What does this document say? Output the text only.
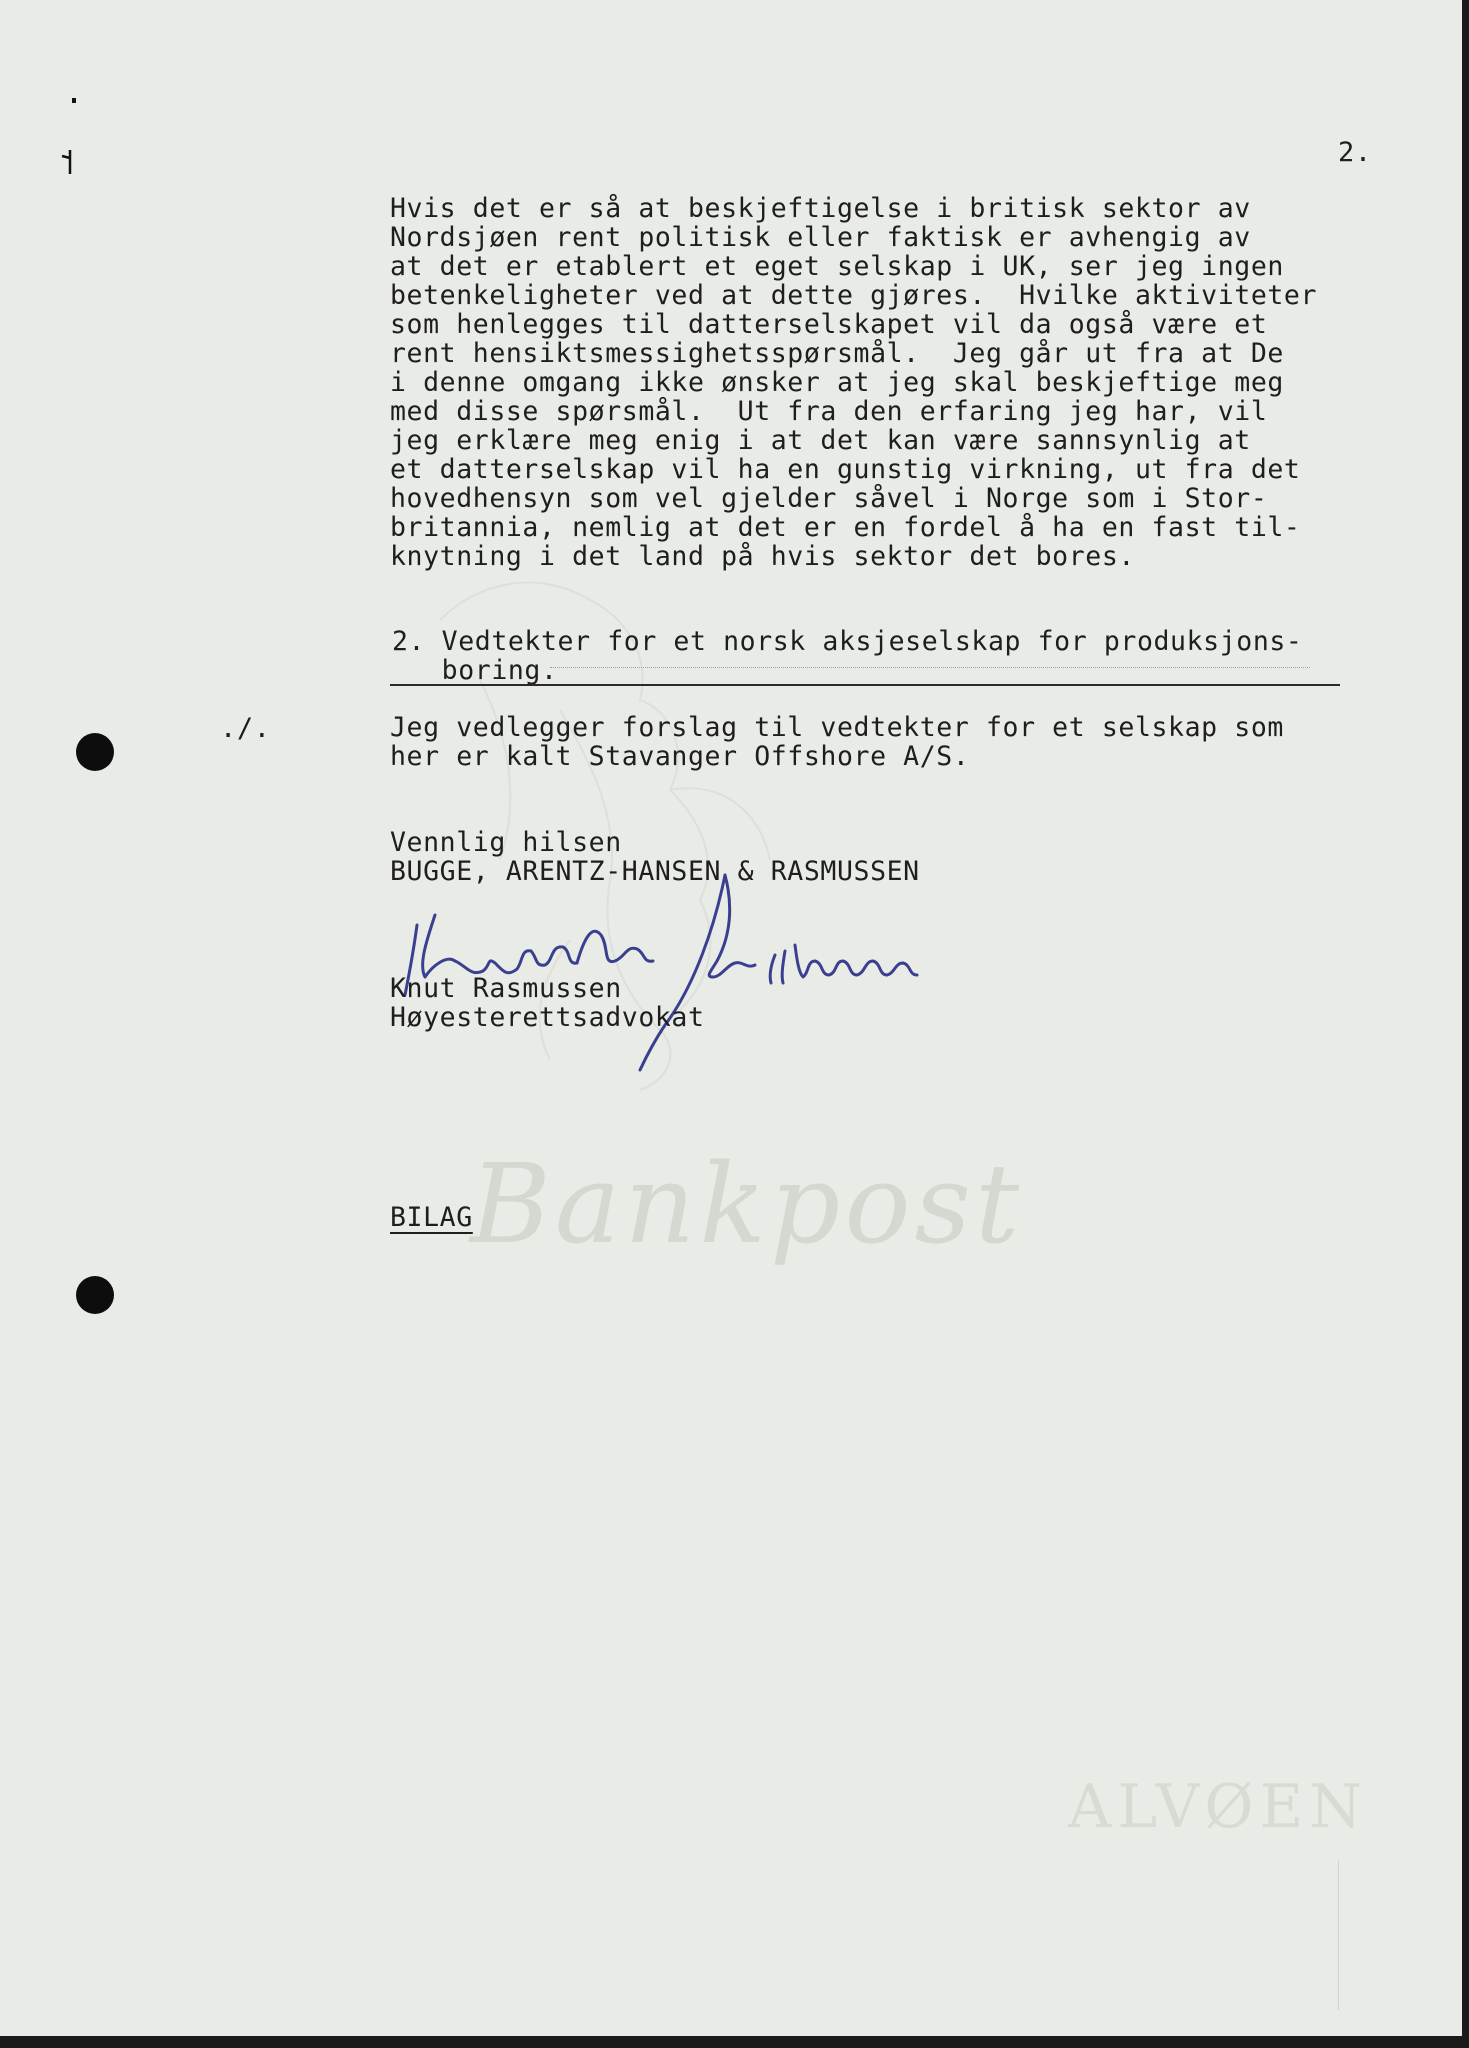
Bankpost
ALVØEN
2.

Hvis det er så at beskjeftigelse i britisk sektor av
Nordsjøen rent politisk eller faktisk er avhengig av
at det er etablert et eget selskap i UK, ser jeg ingen
betenkeligheter ved at dette gjøres.  Hvilke aktiviteter
som henlegges til datterselskapet vil da også være et
rent hensiktsmessighetsspørsmål.  Jeg går ut fra at De
i denne omgang ikke ønsker at jeg skal beskjeftige meg
med disse spørsmål.  Ut fra den erfaring jeg har, vil
jeg erklære meg enig i at det kan være sannsynlig at
et datterselskap vil ha en gunstig virkning, ut fra det
hovedhensyn som vel gjelder såvel i Norge som i Stor-
britannia, nemlig at det er en fordel å ha en fast til-
knytning i det land på hvis sektor det bores.

2. Vedtekter for et norsk aksjeselskap for produksjons-
boring.
./.	Jeg vedlegger forslag til vedtekter for et selskap som
her er kalt Stavanger Offshore A/S.
Vennlig hilsen
BUGGE, ARENTZ-HANSEN & RASMUSSEN
Knut Rasmussen
Høyesterettsadvokat
BILAG
